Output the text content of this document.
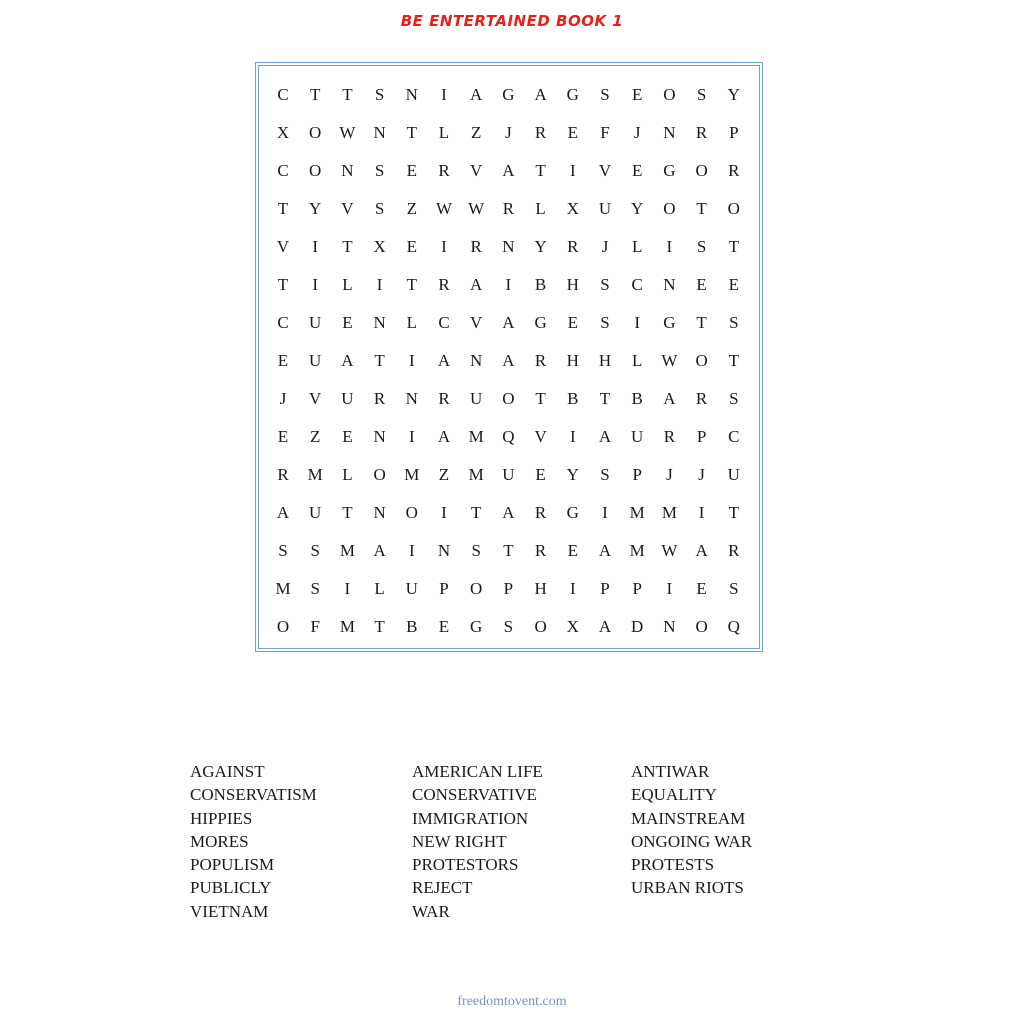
BE ENTERTAINED BOOK 1
C	T	T	S	N	I	A	G	A	G	S	E	O	S	Y
X	O	W	N	T	L	Z	J	R	E	F	J	N	R	P
C	O	N	S	E	R	V	A	T	I	V	E	G	O	R
T	Y	V	S	Z	W W	R	L	X	U	Y	O	T	O
V	I	T	X	E	I	R	N	Y	R	J	L	I	S	T
T	I	L	I	T	R	A	I	B	H	S	C	N	E	E
C	U	E	N	L	C	V	A	G	E	S	I	G	T	S
E	U	A	T	I	A	N	A	R	H	H	L	W	O	T
J	V	U	R	N	R	U	O	T	B	T	B	A	R	S
E	Z	E	N	I	A	M	Q	V	I	A	U	R	P	C
R	M	L	O	M	Z	M	U	E	Y	S	P	J	J	U
A	U	T	N	O	I	T	A	R	G	I	M	M	I	T
S	S	M	A	I	N	S	T	R	E	A	M W	A	R
M	S	I	L	U	P	O	P	H	I	P	P	I	E	S
O	F	M	T	B	E	G	S	O	X	A	D	N	O	Q
AGAINST
CONSERVATISM
HIPPIES
MORES
POPULISM
PUBLICLY
VIETNAM
AMERICAN LIFE
CONSERVATIVE
IMMIGRATION
NEW RIGHT
PROTESTORS
REJECT
WAR
ANTIWAR
EQUALITY
MAINSTREAM
ONGOING WAR
PROTESTS
URBAN RIOTS
freedomtovent.com
